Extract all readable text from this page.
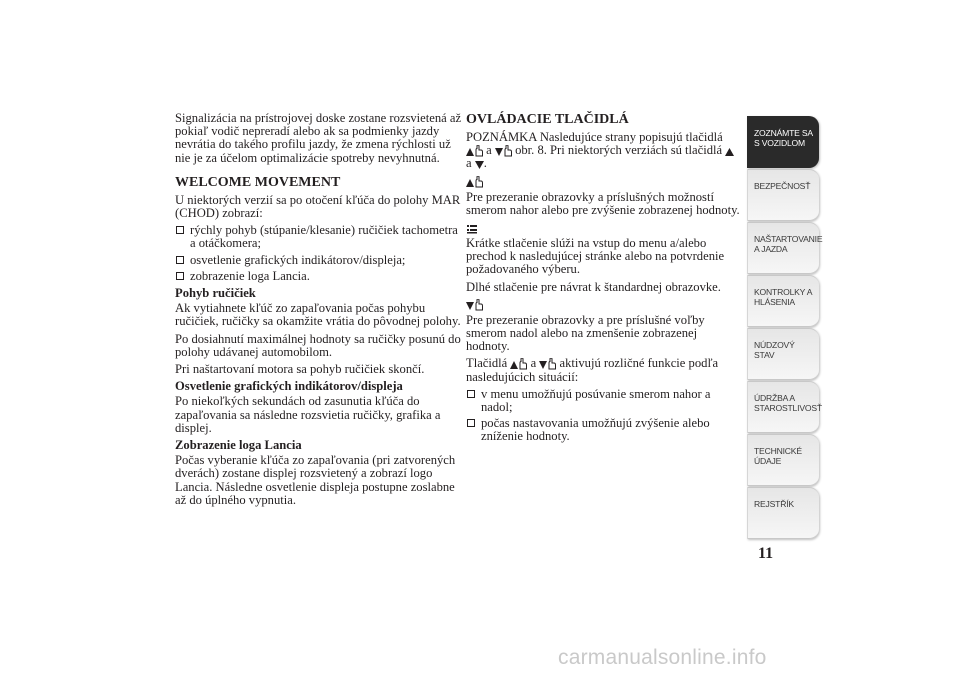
Signalizácia na prístrojovej doske zostane rozsvietená až pokiaľ vodič nepreradí alebo ak sa podmienky jazdy nevrátia do takého profilu jazdy, že zmena rýchlosti už nie je za účelom optimalizácie spotreby nevyhnutná.

WELCOME MOVEMENT

U niektorých verzií sa po otočení kľúča do polohy MAR (CHOD) zobrazí:

rýchly pohyb (stúpanie/klesanie) ručičiek tachometra a otáčkomera;
osvetlenie grafických indikátorov/displeja;
zobrazenie loga Lancia.
Pohyb ručičiek

Ak vytiahnete kľúč zo zapaľovania počas pohybu ručičiek, ručičky sa okamžite vrátia do pôvodnej polohy.

Po dosiahnutí maximálnej hodnoty sa ručičky posunú do polohy udávanej automobilom.

Pri naštartovaní motora sa pohyb ručičiek skončí.

Osvetlenie grafických indikátorov/displeja

Po niekoľkých sekundách od zasunutia kľúča do zapaľovania sa následne rozsvietia ručičky, grafika a displej.

Zobrazenie loga Lancia

Počas vyberanie kľúča zo zapaľovania (pri zatvorených dverách) zostane displej rozsvietený a zobrazí logo Lancia. Následne osvetlenie displeja postupne zoslabne až do úplného vypnutia.

OVLÁDACIE TLAČIDLÁ

POZNÁMKA Nasledujúce strany popisujú tlačidlá
a obr. 8. Pri niektorých verziách sú tlačidlá
a .

Pre prezeranie obrazovky a príslušných možností smerom nahor alebo pre zvýšenie zobrazenej hodnoty.

Krátke stlačenie slúži na vstup do menu a/alebo prechod k nasledujúcej stránke alebo na potvrdenie požadovaného výberu.

Dlhé stlačenie pre návrat k štandardnej obrazovke.

Pre prezeranie obrazovky a pre príslušné voľby smerom nadol alebo na zmenšenie zobrazenej hodnoty.

Tlačidlá a aktivujú rozličné funkcie podľa nasledujúcich situácií:

v menu umožňujú posúvanie smerom nahor a nadol;
počas nastavovania umožňujú zvýšenie alebo zníženie hodnoty.
ZOZNÁMTE SA S VOZIDLOM
BEZPEČNOSŤ
NAŠTARTOVANIE A JAZDA
KONTROLKY A HLÁSENIA
NÚDZOVÝ STAV
ÚDRŽBA A STAROSTLIVOSŤ
TECHNICKÉ ÚDAJE
REJSTŘÍK
11
carmanualsonline.info
